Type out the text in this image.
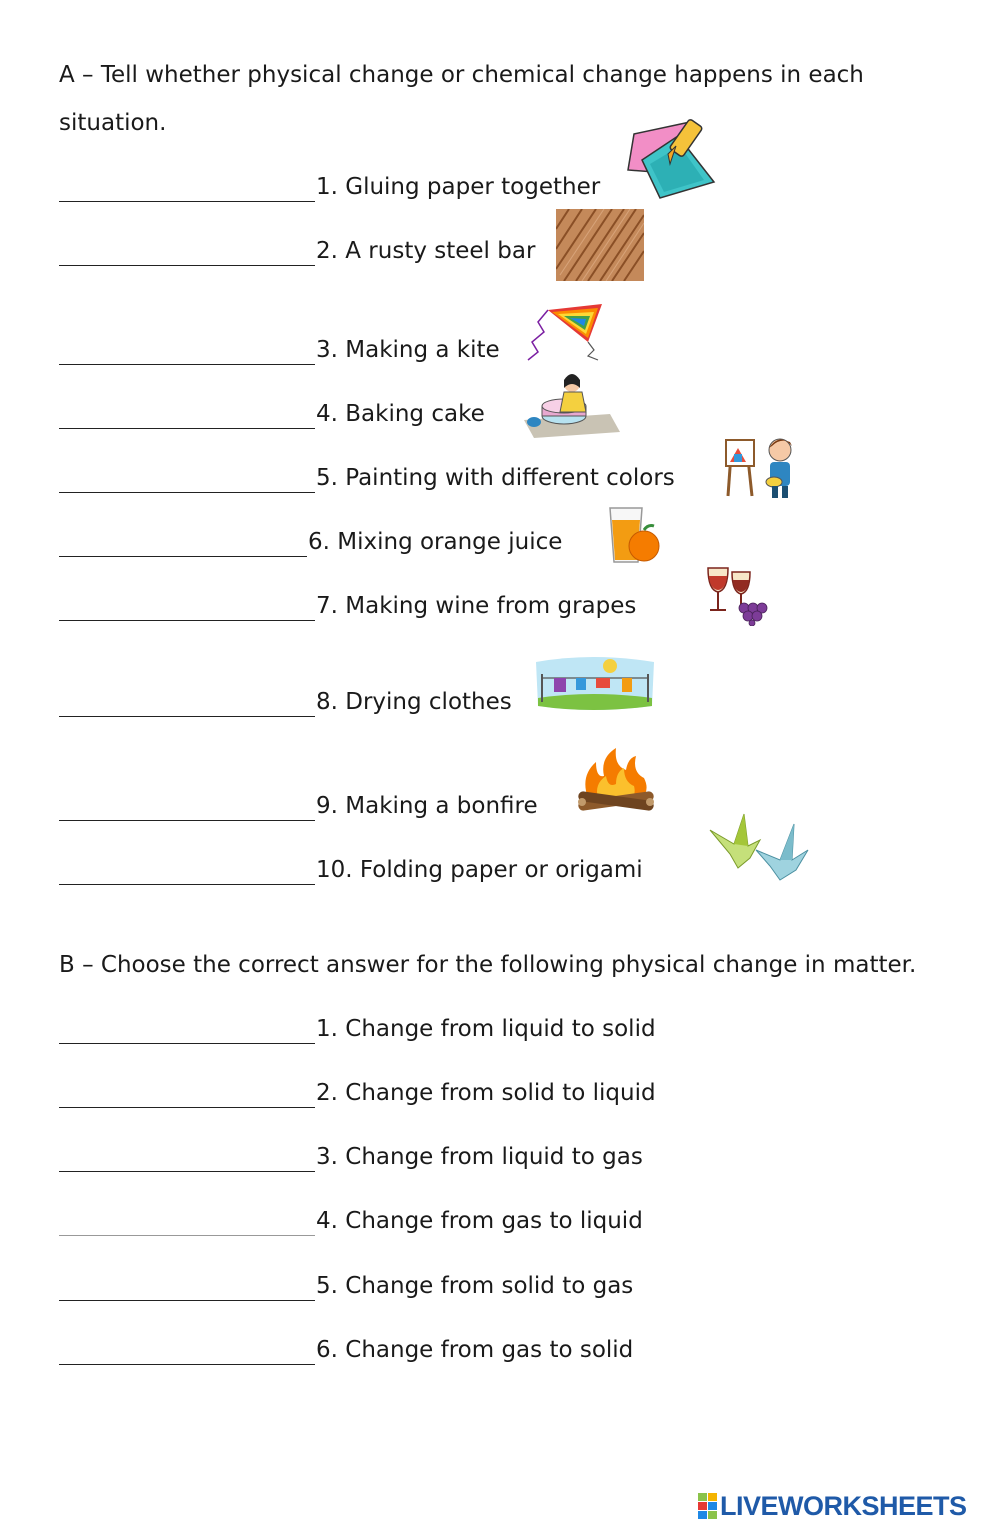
A – Tell whether physical change or chemical change happens in each
situation.
1. Gluing paper together
2. A rusty steel bar
3. Making a kite
4. Baking cake
5. Painting with different colors
6. Mixing orange juice
7. Making wine from grapes
8. Drying clothes
9. Making a bonfire
10. Folding paper or origami
B – Choose the correct answer for the following physical change in matter.
1. Change from liquid to solid
2. Change from solid to liquid
3. Change from liquid to gas
4. Change from gas to liquid
5. Change from solid to gas
6. Change from gas to solid
LIVEWORKSHEETS
